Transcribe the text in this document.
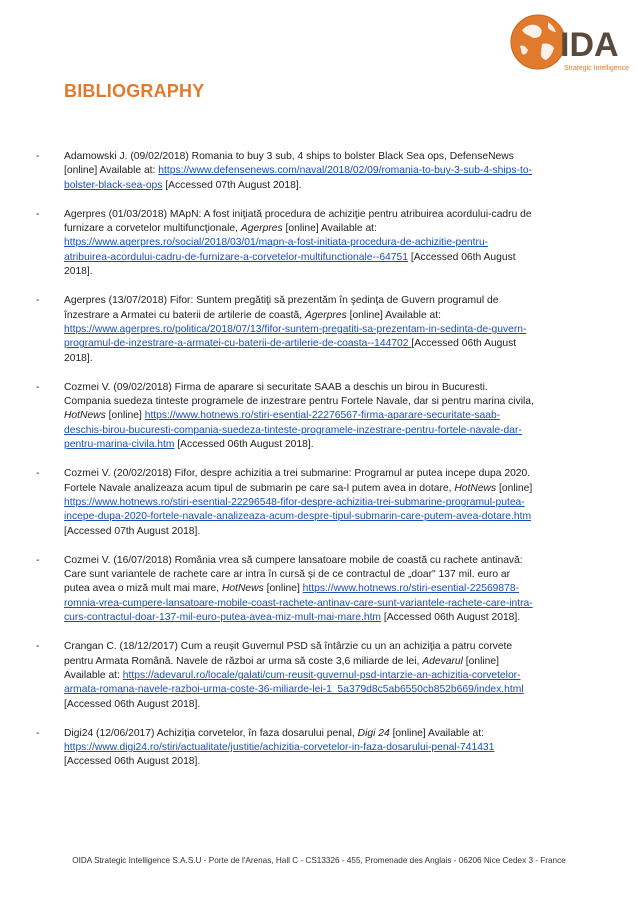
IDA
Strategic Intelligence
BIBLIOGRAPHY
- Adamowski J. (09/02/2018) Romania to buy 3 sub, 4 ships to bolster Black Sea ops, DefenseNews
[online] Available at: https://www.defensenews.com/naval/2018/02/09/romania-to-buy-3-sub-4-ships-to-
bolster-black-sea-ops [Accessed 07th August 2018].
- Agerpres (01/03/2018) MApN: A fost iniţiată procedura de achiziţie pentru atribuirea acordului-cadru de
furnizare a corvetelor multifuncţionale, Agerpres [online] Available at:
https://www.agerpres.ro/social/2018/03/01/mapn-a-fost-initiata-procedura-de-achizitie-pentru-
atribuirea-acordului-cadru-de-furnizare-a-corvetelor-multifunctionale--64751 [Accessed 06th August
2018].
- Agerpres (13/07/2018) Fifor: Suntem pregătiţi să prezentăm în şedinţa de Guvern programul de
înzestrare a Armatei cu baterii de artilerie de coastă, Agerpres [online] Available at:
https://www.agerpres.ro/politica/2018/07/13/fifor-suntem-pregatiti-sa-prezentam-in-sedinta-de-guvern-
programul-de-inzestrare-a-armatei-cu-baterii-de-artilerie-de-coasta--144702 [Accessed 06th August
2018].
- Cozmei V. (09/02/2018) Firma de aparare si securitate SAAB a deschis un birou in Bucuresti.
Compania suedeza tinteste programele de inzestrare pentru Fortele Navale, dar si pentru marina civila,
HotNews [online] https://www.hotnews.ro/stiri-esential-22276567-firma-aparare-securitate-saab-
deschis-birou-bucuresti-compania-suedeza-tinteste-programele-inzestrare-pentru-fortele-navale-dar-
pentru-marina-civila.htm [Accessed 06th August 2018].
- Cozmei V. (20/02/2018) Fifor, despre achizitia a trei submarine: Programul ar putea incepe dupa 2020.
Fortele Navale analizeaza acum tipul de submarin pe care sa-l putem avea in dotare, HotNews [online]
https://www.hotnews.ro/stiri-esential-22296548-fifor-despre-achizitia-trei-submarine-programul-putea-
incepe-dupa-2020-fortele-navale-analizeaza-acum-despre-tipul-submarin-care-putem-avea-dotare.htm
[Accessed 07th August 2018].
- Cozmei V. (16/07/2018) România vrea să cumpere lansatoare mobile de coastă cu rachete antinavă:
Care sunt variantele de rachete care ar intra în cursă și de ce contractul de „doar" 137 mil. euro ar
putea avea o miză mult mai mare, HotNews [online] https://www.hotnews.ro/stiri-esential-22569878-
romnia-vrea-cumpere-lansatoare-mobile-coast-rachete-antinav-care-sunt-variantele-rachete-care-intra-
curs-contractul-doar-137-mil-euro-putea-avea-miz-mult-mai-mare.htm [Accessed 06th August 2018].
- Crangan C. (18/12/2017) Cum a reuşit Guvernul PSD să întârzie cu un an achiziţia a patru corvete
pentru Armata Română. Navele de război ar urma să coste 3,6 miliarde de lei, Adevarul [online]
Available at: https://adevarul.ro/locale/galati/cum-reusit-guvernul-psd-intarzie-an-achizitia-corvetelor-
armata-romana-navele-razboi-urma-coste-36-miliarde-lei-1_5a379d8c5ab6550cb852b669/index.html
[Accessed 06th August 2018].
- Digi24 (12/06/2017) Achiziția corvetelor, în faza dosarului penal, Digi 24 [online] Available at:
https://www.digi24.ro/stiri/actualitate/justitie/achizitia-corvetelor-in-faza-dosarului-penal-741431
[Accessed 06th August 2018].
OIDA Strategic Intelligence S.A.S.U - Porte de l'Arenas, Hall C - CS13326 - 455, Promenade des Anglais - 06206 Nice Cedex 3 - France
